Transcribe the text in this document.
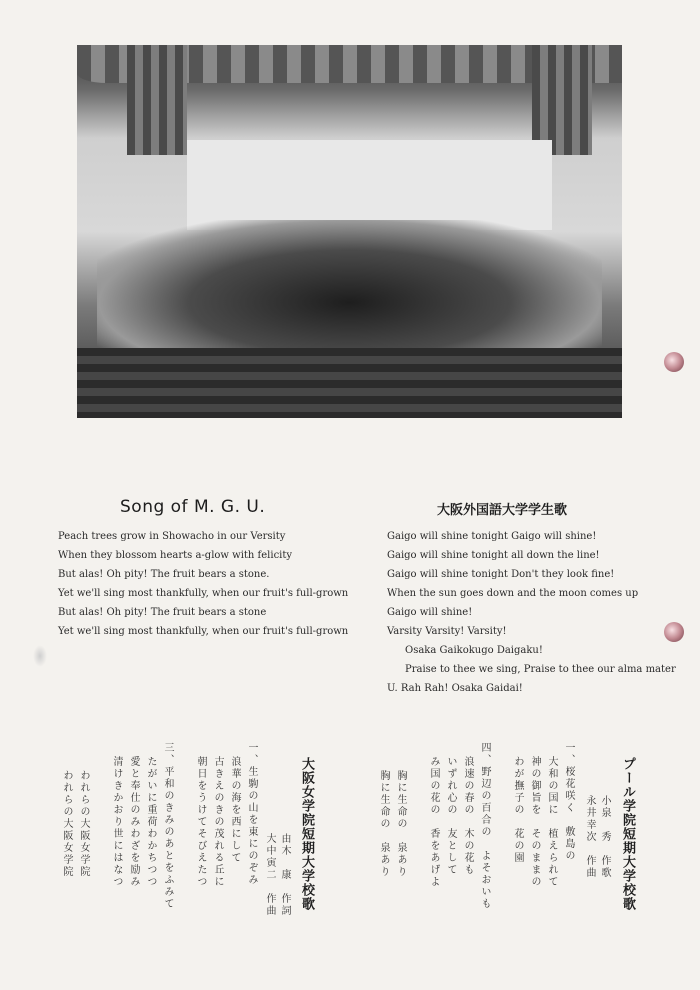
Song of M. G. U.
Peach trees grow in Showacho in our Versity
When they blossom hearts a-glow with felicity
But alas! Oh pity! The fruit bears a stone.
Yet we'll sing most thankfully, when our fruit's full-grown
But alas! Oh pity! The fruit bears a stone
Yet we'll sing most thankfully, when our fruit's full-grown
大阪外国語大学学生歌
Gaigo will shine tonight Gaigo will shine!
Gaigo will shine tonight all down the line!
Gaigo will shine tonight Don't they look fine!
When the sun goes down and the moon comes up
Gaigo will shine!
Varsity Varsity! Varsity!
Osaka Gaikokugo Daigaku!
Praise to thee we sing, Praise to thee our alma mater
U. Rah Rah! Osaka Gaidai!
プール学院短期大学校歌
小泉　秀　作歌
永井幸次　作曲
一、桜花咲く　敷島の
大和の国に　植えられて
神の御旨を　そのままの
わが撫子の　花の園
四、野辺の百合の　よそおいも
浪速の春の　木の花も
いずれ心の　友として
み国の花の　香をあげよ
胸に生命の　泉あり
胸に生命の　泉あり
大阪女学院短期大学校歌
由木　康　作詞
大中寅二　作曲
一、生駒の山を東にのぞみ
浪華の海を西にして
古きえのきの茂れる丘に
朝日をうけてそびえたつ
三、平和のきみのあとをふみて
たがいに重荷わかちつつ
愛と奉仕のみわざを励み
清けきかおり世にはなつ
われらの大阪女学院
われらの大阪女学院
